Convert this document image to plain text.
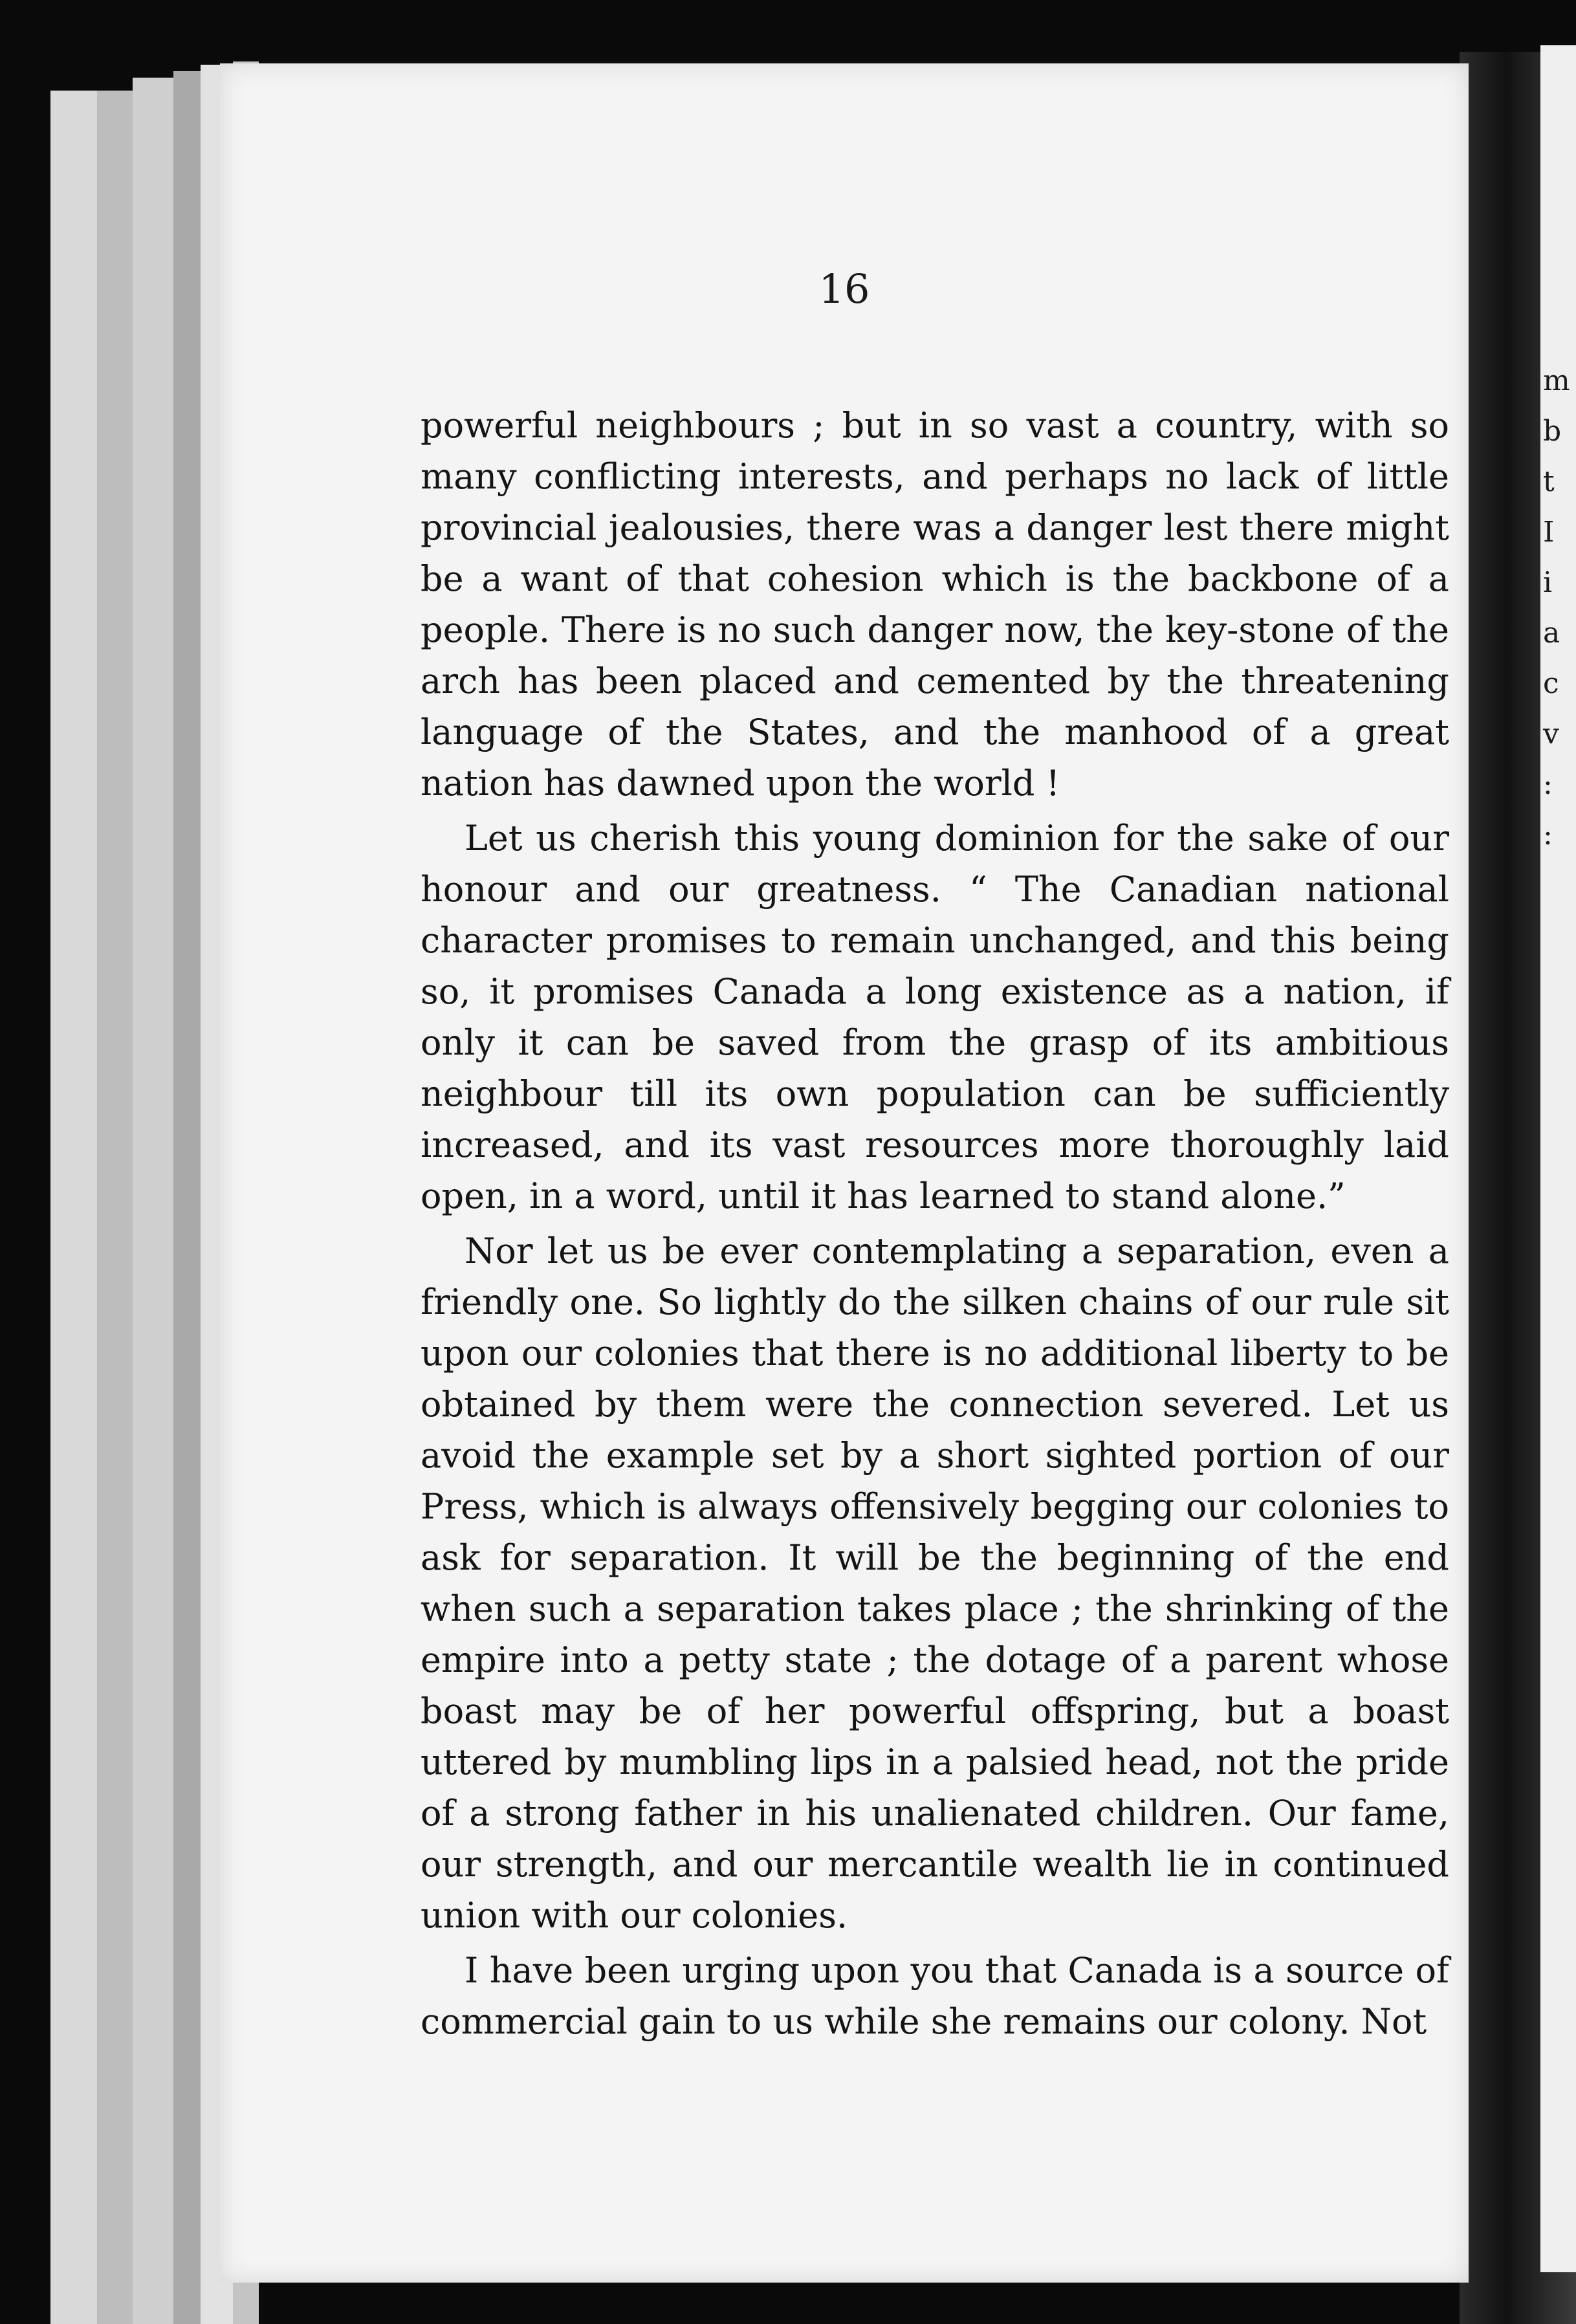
m
b
t
I
i
a
c
v
:
:
16

powerful neighbours ; but in so vast a country, with so many conflicting interests, and perhaps no lack of little provincial jealousies, there was a danger lest there might be a want of that cohesion which is the backbone of a people. There is no such danger now, the key-stone of the arch has been placed and cemented by the threatening language of the States, and the manhood of a great nation has dawned upon the world !

Let us cherish this young dominion for the sake of our honour and our greatness. “ The Canadian national character promises to remain unchanged, and this being so, it promises Canada a long existence as a nation, if only it can be saved from the grasp of its ambitious neighbour till its own population can be sufficiently increased, and its vast resources more thoroughly laid open, in a word, until it has learned to stand alone.”

Nor let us be ever contemplating a separation, even a friendly one. So lightly do the silken chains of our rule sit upon our colonies that there is no additional liberty to be obtained by them were the connection severed. Let us avoid the example set by a short sighted portion of our Press, which is always offensively begging our colonies to ask for separation. It will be the beginning of the end when such a separation takes place ; the shrinking of the empire into a petty state ; the dotage of a parent whose boast may be of her powerful offspring, but a boast uttered by mumbling lips in a palsied head, not the pride of a strong father in his unalienated children. Our fame, our strength, and our mercantile wealth lie in continued union with our colonies.

I have been urging upon you that Canada is a source of commercial gain to us while she remains our colony. Not
